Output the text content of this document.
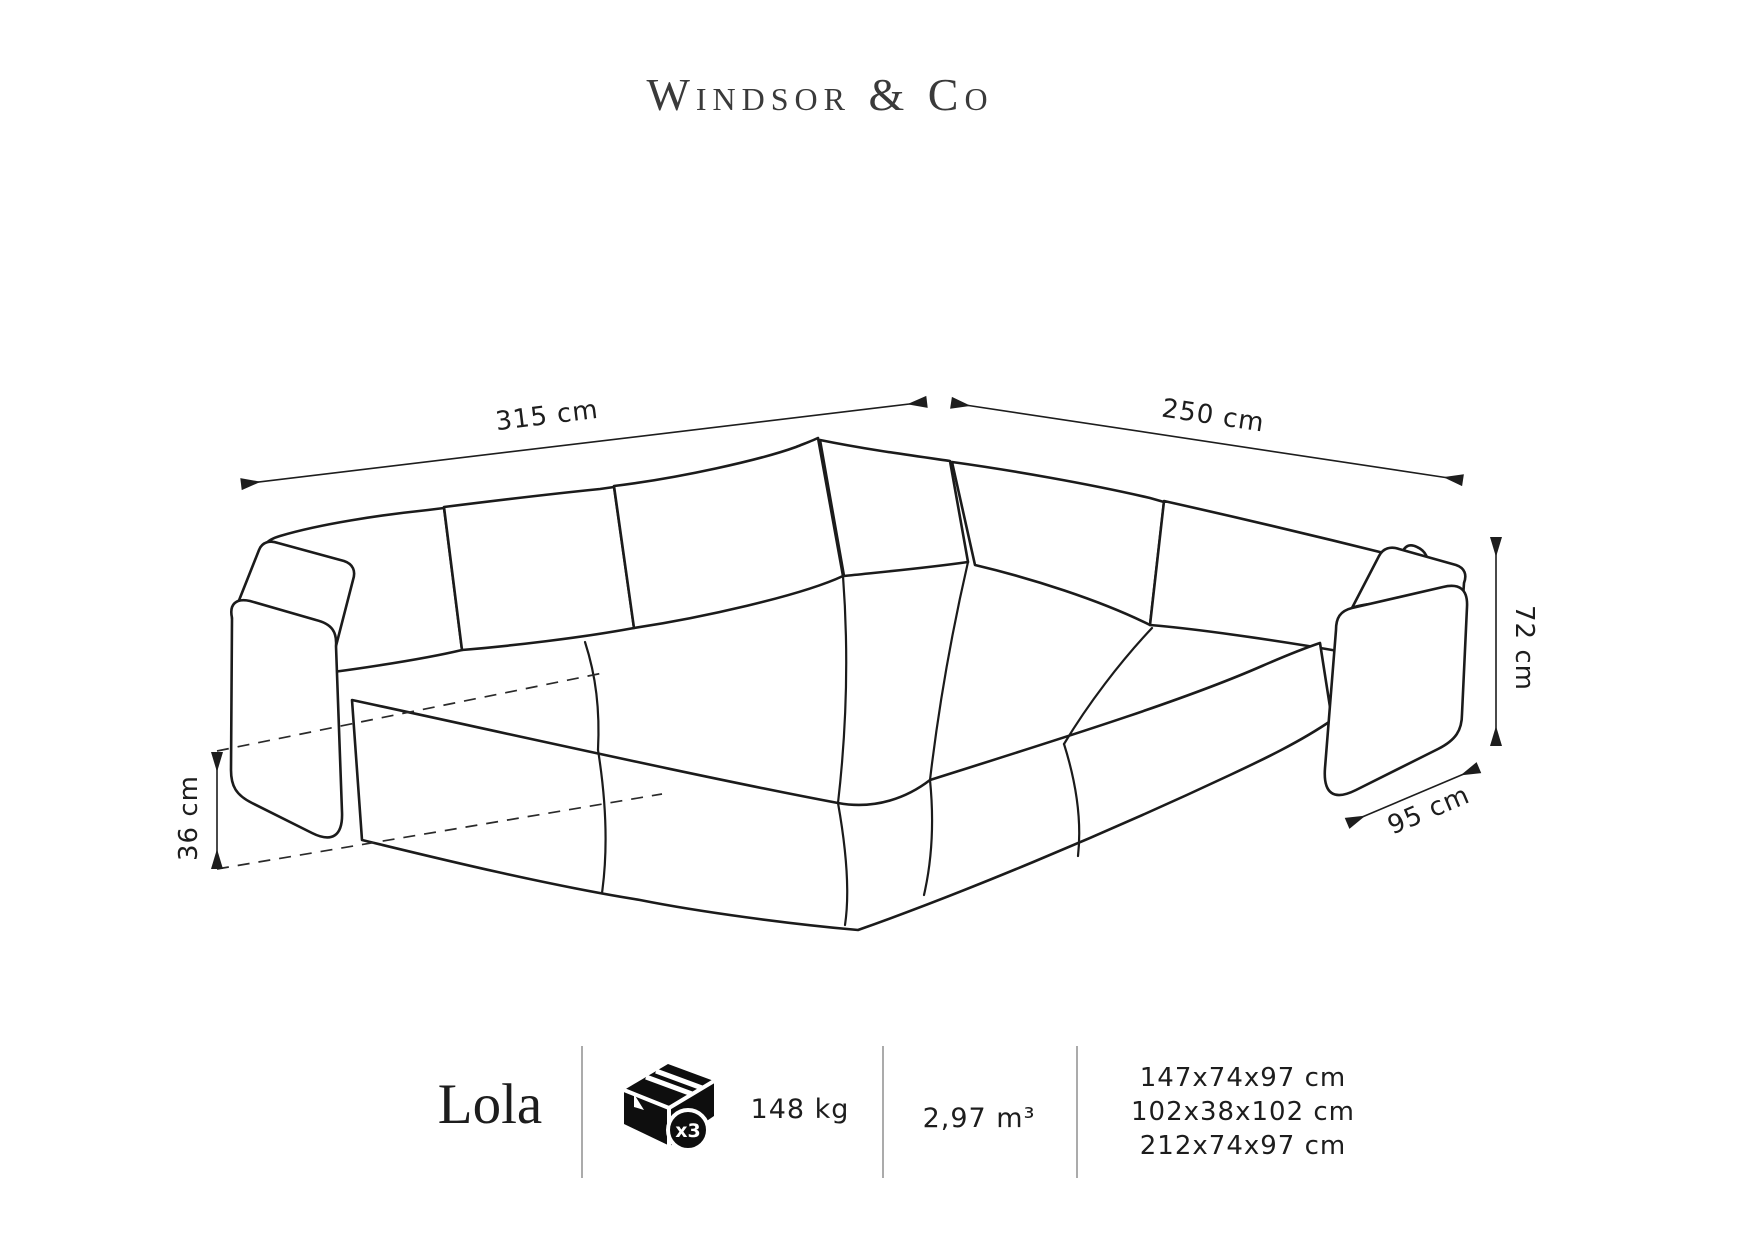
Windsor & Co
315 cm	250 cm
72 cm
95 cm
36 cm
Lola	x3
148 kg	2,97 m³
147x74x97 cm
102x38x102 cm
212x74x97 cm
